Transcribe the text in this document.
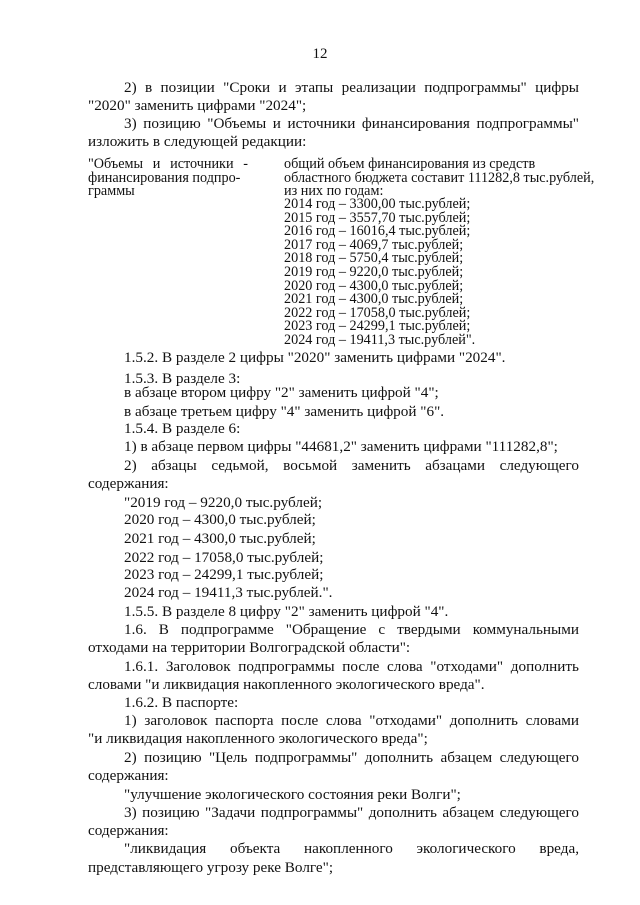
12
2) в позиции "Сроки и этапы реализации подпрограммы" цифры
"2020" заменить цифрами "2024";
3) позицию "Объемы и источники финансирования подпрограммы"
изложить в следующей редакции:
"Объемы и источники -
финансирования подпро-
граммы
общий объем финансирования из средств
областного бюджета составит 111282,8 тыс.рублей,
из них по годам:
2014 год – 3300,00 тыс.рублей;
2015 год – 3557,70 тыс.рублей;
2016 год – 16016,4 тыс.рублей;
2017 год – 4069,7 тыс.рублей;
2018 год – 5750,4 тыс.рублей;
2019 год – 9220,0 тыс.рублей;
2020 год – 4300,0 тыс.рублей;
2021 год – 4300,0 тыс.рублей;
2022 год – 17058,0 тыс.рублей;
2023 год – 24299,1 тыс.рублей;
2024 год – 19411,3 тыс.рублей".
1.5.2. В разделе 2 цифры "2020" заменить цифрами "2024".
1.5.3. В разделе 3:
в абзаце втором цифру "2" заменить цифрой "4";
в абзаце третьем цифру "4" заменить цифрой "6".
1.5.4. В разделе 6:
1) в абзаце первом цифры "44681,2" заменить цифрами "111282,8";
2) абзацы седьмой, восьмой заменить абзацами следующего
содержания:
"2019 год – 9220,0 тыс.рублей;
2020 год – 4300,0 тыс.рублей;
2021 год – 4300,0 тыс.рублей;
2022 год – 17058,0 тыс.рублей;
2023 год – 24299,1 тыс.рублей;
2024 год – 19411,3 тыс.рублей.".
1.5.5. В разделе 8 цифру "2" заменить цифрой "4".
1.6. В подпрограмме "Обращение с твердыми коммунальными
отходами на территории Волгоградской области":
1.6.1. Заголовок подпрограммы после слова "отходами" дополнить
словами "и ликвидация накопленного экологического вреда".
1.6.2. В паспорте:
1) заголовок паспорта после слова "отходами" дополнить словами
"и ликвидация накопленного экологического вреда";
2) позицию "Цель подпрограммы" дополнить абзацем следующего
содержания:
"улучшение экологического состояния реки Волги";
3) позицию "Задачи подпрограммы" дополнить абзацем следующего
содержания:
"ликвидация объекта накопленного экологического вреда,
представляющего угрозу реке Волге";
